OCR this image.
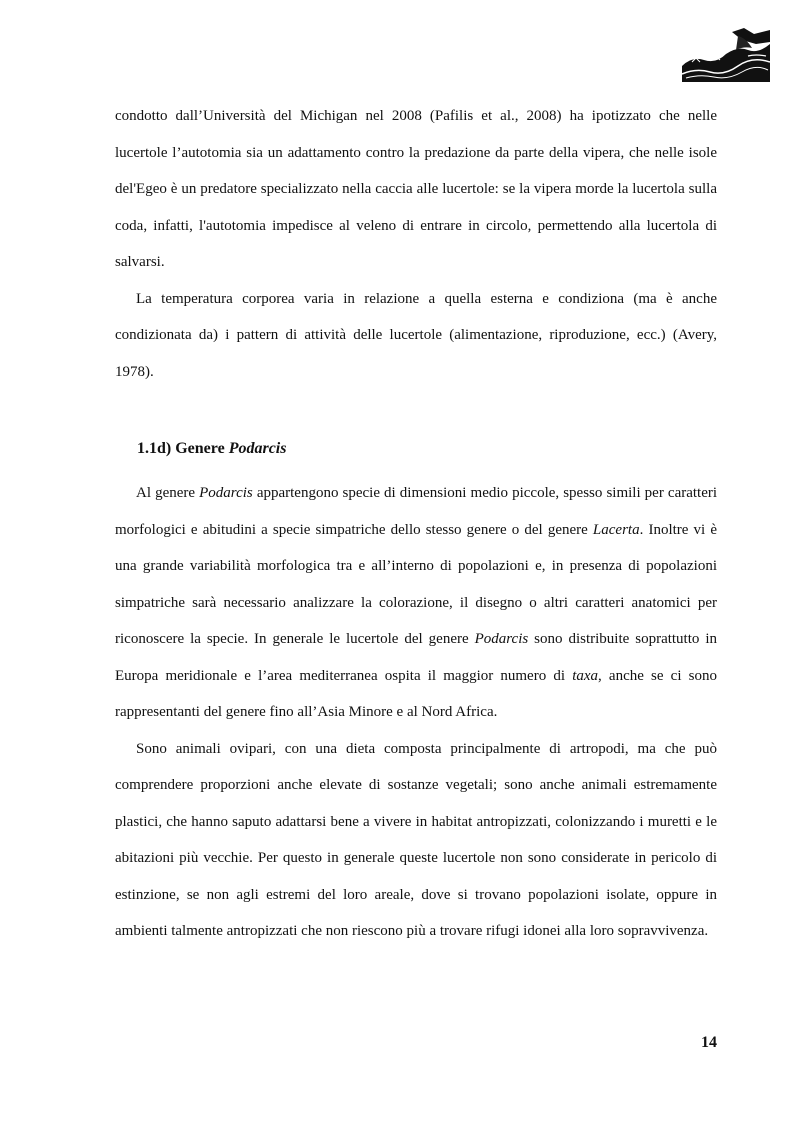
condotto dall’Università del Michigan nel 2008 (Pafilis et al., 2008) ha ipotizzato che nelle lucertole l’autotomia sia un adattamento contro la predazione da parte della vipera, che nelle isole del'Egeo è un predatore specializzato nella caccia alle lucertole: se la vipera morde la lucertola sulla coda, infatti, l'autotomia impedisce al veleno di entrare in circolo, permettendo alla lucertola di salvarsi.

La temperatura corporea varia in relazione a quella esterna e condiziona (ma è anche condizionata da) i pattern di attività delle lucertole (alimentazione, riproduzione, ecc.) (Avery, 1978).

1.1d) Genere Podarcis

Al genere Podarcis appartengono specie di dimensioni medio piccole, spesso simili per caratteri morfologici e abitudini a specie simpatriche dello stesso genere o del genere Lacerta. Inoltre vi è una grande variabilità morfologica tra e all’interno di popolazioni e, in presenza di popolazioni simpatriche sarà necessario analizzare la colorazione, il disegno o altri caratteri anatomici per riconoscere la specie. In generale le lucertole del genere Podarcis sono distribuite soprattutto in Europa meridionale e l’area mediterranea ospita il maggior numero di taxa, anche se ci sono rappresentanti del genere fino all’Asia Minore e al Nord Africa.

Sono animali ovipari, con una dieta composta principalmente di artropodi, ma che può comprendere proporzioni anche elevate di sostanze vegetali; sono anche animali estremamente plastici, che hanno saputo adattarsi bene a vivere in habitat antropizzati, colonizzando i muretti e le abitazioni più vecchie. Per questo in generale queste lucertole non sono considerate in pericolo di estinzione, se non agli estremi del loro areale, dove si trovano popolazioni isolate, oppure in ambienti talmente antropizzati che non riescono più a trovare rifugi idonei alla loro sopravvivenza.

14
